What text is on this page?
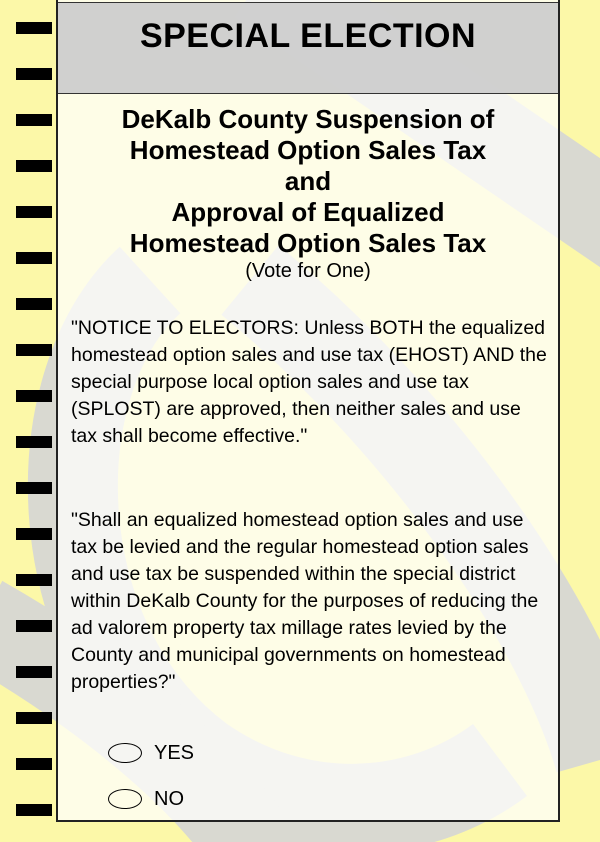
SPECIAL ELECTION
DeKalb County Suspension of
Homestead Option Sales Tax
and
Approval of Equalized
Homestead Option Sales Tax
(Vote for One)
"NOTICE TO ELECTORS: Unless BOTH the equalized homestead option sales and use tax (EHOST) AND the special purpose local option sales and use tax (SPLOST) are approved, then neither sales and use tax shall become effective."
"Shall an equalized homestead option sales and use tax be levied and the regular homestead option sales and use tax be suspended within the special district within DeKalb County for the purposes of reducing the ad valorem property tax millage rates levied by the County and municipal governments on homestead properties?"
YES
NO
